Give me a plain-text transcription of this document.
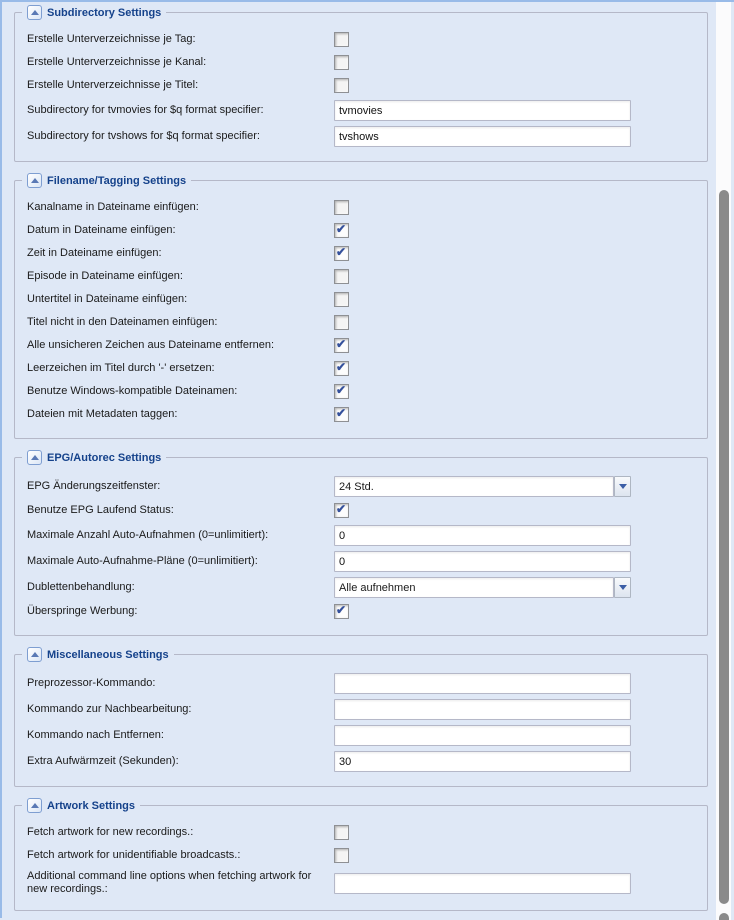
Subdirectory Settings
Erstelle Unterverzeichnisse je Tag:
Erstelle Unterverzeichnisse je Kanal:
Erstelle Unterverzeichnisse je Titel:
Subdirectory for tvmovies for $q format specifier:
tvmovies
Subdirectory for tvshows for $q format specifier:
tvshows
Filename/Tagging Settings
Kanalname in Dateiname einfügen:
Datum in Dateiname einfügen:
✔
Zeit in Dateiname einfügen:
✔
Episode in Dateiname einfügen:
Untertitel in Dateiname einfügen:
Titel nicht in den Dateinamen einfügen:
Alle unsicheren Zeichen aus Dateiname entfernen:
✔
Leerzeichen im Titel durch '-' ersetzen:
✔
Benutze Windows-kompatible Dateinamen:
✔
Dateien mit Metadaten taggen:
✔
EPG/Autorec Settings
EPG Änderungszeitfenster:	24 Std.
Benutze EPG Laufend Status:
✔
Maximale Anzahl Auto-Aufnahmen (0=unlimitiert):
0
Maximale Auto-Aufnahme-Pläne (0=unlimitiert):
0
Dublettenbehandlung:	Alle aufnehmen
Überspringe Werbung:
✔
Miscellaneous Settings
Preprozessor-Kommando:
Kommando zur Nachbearbeitung:
Kommando nach Entfernen:
Extra Aufwärmzeit (Sekunden):
30
Artwork Settings
Fetch artwork for new recordings.:
Fetch artwork for unidentifiable broadcasts.:
Additional command line options when fetching artwork for new recordings.:
